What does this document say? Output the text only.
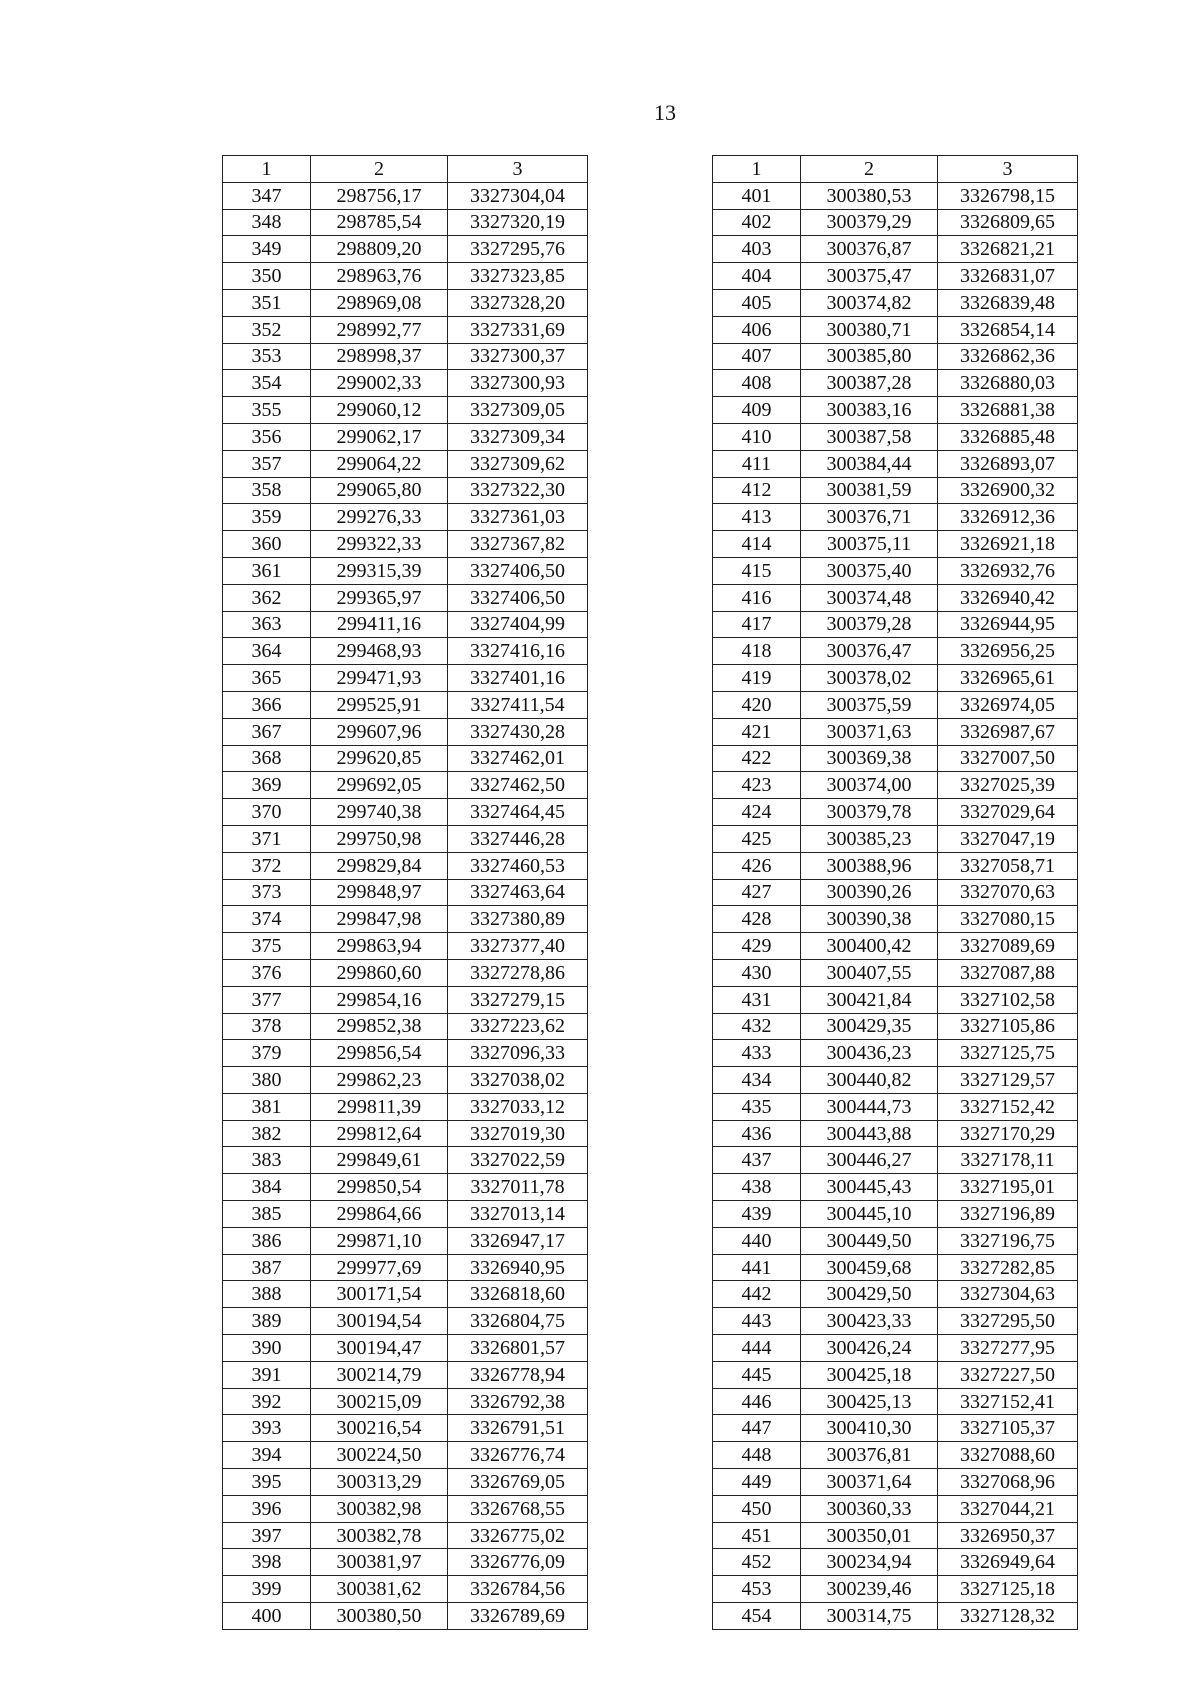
13
1	2	3
347	298756,17	3327304,04
348	298785,54	3327320,19
349	298809,20	3327295,76
350	298963,76	3327323,85
351	298969,08	3327328,20
352	298992,77	3327331,69
353	298998,37	3327300,37
354	299002,33	3327300,93
355	299060,12	3327309,05
356	299062,17	3327309,34
357	299064,22	3327309,62
358	299065,80	3327322,30
359	299276,33	3327361,03
360	299322,33	3327367,82
361	299315,39	3327406,50
362	299365,97	3327406,50
363	299411,16	3327404,99
364	299468,93	3327416,16
365	299471,93	3327401,16
366	299525,91	3327411,54
367	299607,96	3327430,28
368	299620,85	3327462,01
369	299692,05	3327462,50
370	299740,38	3327464,45
371	299750,98	3327446,28
372	299829,84	3327460,53
373	299848,97	3327463,64
374	299847,98	3327380,89
375	299863,94	3327377,40
376	299860,60	3327278,86
377	299854,16	3327279,15
378	299852,38	3327223,62
379	299856,54	3327096,33
380	299862,23	3327038,02
381	299811,39	3327033,12
382	299812,64	3327019,30
383	299849,61	3327022,59
384	299850,54	3327011,78
385	299864,66	3327013,14
386	299871,10	3326947,17
387	299977,69	3326940,95
388	300171,54	3326818,60
389	300194,54	3326804,75
390	300194,47	3326801,57
391	300214,79	3326778,94
392	300215,09	3326792,38
393	300216,54	3326791,51
394	300224,50	3326776,74
395	300313,29	3326769,05
396	300382,98	3326768,55
397	300382,78	3326775,02
398	300381,97	3326776,09
399	300381,62	3326784,56
400	300380,50	3326789,69
1	2	3
401	300380,53	3326798,15
402	300379,29	3326809,65
403	300376,87	3326821,21
404	300375,47	3326831,07
405	300374,82	3326839,48
406	300380,71	3326854,14
407	300385,80	3326862,36
408	300387,28	3326880,03
409	300383,16	3326881,38
410	300387,58	3326885,48
411	300384,44	3326893,07
412	300381,59	3326900,32
413	300376,71	3326912,36
414	300375,11	3326921,18
415	300375,40	3326932,76
416	300374,48	3326940,42
417	300379,28	3326944,95
418	300376,47	3326956,25
419	300378,02	3326965,61
420	300375,59	3326974,05
421	300371,63	3326987,67
422	300369,38	3327007,50
423	300374,00	3327025,39
424	300379,78	3327029,64
425	300385,23	3327047,19
426	300388,96	3327058,71
427	300390,26	3327070,63
428	300390,38	3327080,15
429	300400,42	3327089,69
430	300407,55	3327087,88
431	300421,84	3327102,58
432	300429,35	3327105,86
433	300436,23	3327125,75
434	300440,82	3327129,57
435	300444,73	3327152,42
436	300443,88	3327170,29
437	300446,27	3327178,11
438	300445,43	3327195,01
439	300445,10	3327196,89
440	300449,50	3327196,75
441	300459,68	3327282,85
442	300429,50	3327304,63
443	300423,33	3327295,50
444	300426,24	3327277,95
445	300425,18	3327227,50
446	300425,13	3327152,41
447	300410,30	3327105,37
448	300376,81	3327088,60
449	300371,64	3327068,96
450	300360,33	3327044,21
451	300350,01	3326950,37
452	300234,94	3326949,64
453	300239,46	3327125,18
454	300314,75	3327128,32
